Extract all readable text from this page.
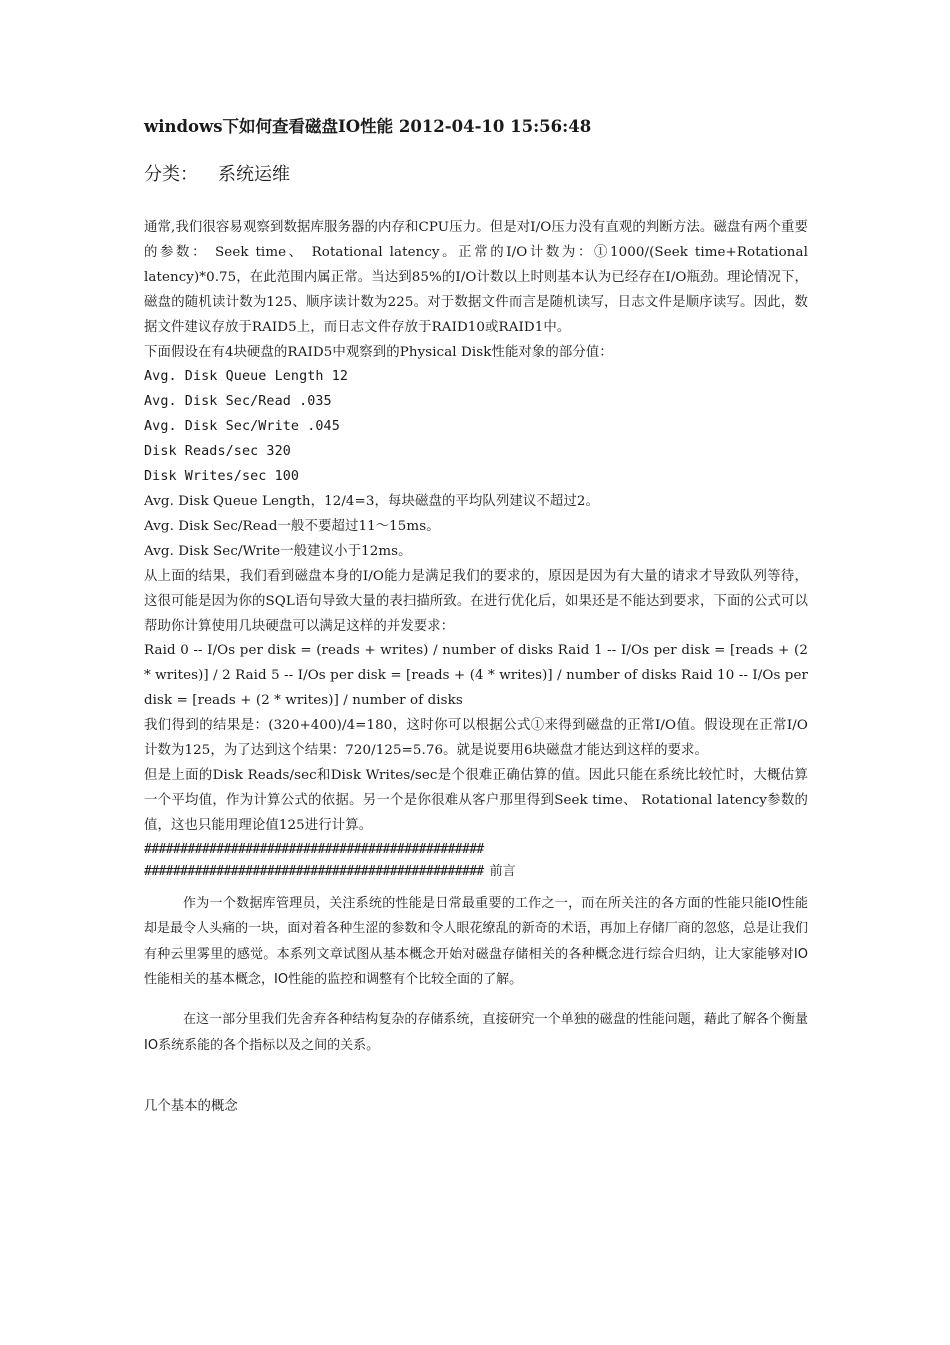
windows下如何查看磁盘IO性能 2012-04-10 15:56:48
分类： 系统运维

通常,我们很容易观察到数据库服务器的内存和CPU压力。但是对I/O压力没有直观的判断方法。磁盘有两个重要的参数： Seek time、 Rotational latency。正常的I/O计数为：①1000/(Seek time+Rotational latency)*0.75，在此范围内属正常。当达到85%的I/O计数以上时则基本认为已经存在I/O瓶劲。理论情况下，磁盘的随机读计数为125、顺序读计数为225。对于数据文件而言是随机读写，日志文件是顺序读写。因此，数据文件建议存放于RAID5上，而日志文件存放于RAID10或RAID1中。

下面假设在有4块硬盘的RAID5中观察到的Physical Disk性能对象的部分值：

Avg. Disk Queue Length 12

Avg. Disk Sec/Read .035

Avg. Disk Sec/Write .045

Disk Reads/sec 320

Disk Writes/sec 100

Avg. Disk Queue Length，12/4=3，每块磁盘的平均队列建议不超过2。

Avg. Disk Sec/Read一般不要超过11～15ms。

Avg. Disk Sec/Write一般建议小于12ms。

从上面的结果，我们看到磁盘本身的I/O能力是满足我们的要求的，原因是因为有大量的请求才导致队列等待，这很可能是因为你的SQL语句导致大量的表扫描所致。在进行优化后，如果还是不能达到要求，下面的公式可以帮助你计算使用几块硬盘可以满足这样的并发要求：

Raid 0 -- I/Os per disk = (reads + writes) / number of disks Raid 1 -- I/Os per disk = [reads + (2 * writes)] / 2 Raid 5 -- I/Os per disk = [reads + (4 * writes)] / number of disks Raid 10 -- I/Os per disk = [reads + (2 * writes)] / number of disks

我们得到的结果是：(320+400)/4=180，这时你可以根据公式①来得到磁盘的正常I/O值。假设现在正常I/O计数为125，为了达到这个结果：720/125=5.76。就是说要用6块磁盘才能达到这样的要求。

但是上面的Disk Reads/sec和Disk Writes/sec是个很难正确估算的值。因此只能在系统比较忙时，大概估算一个平均值，作为计算公式的依据。另一个是你很难从客户那里得到Seek time、 Rotational latency参数的值，这也只能用理论值125进行计算。

###############################################

############################################### 前言

作为一个数据库管理员，关注系统的性能是日常最重要的工作之一，而在所关注的各方面的性能只能IO性能却是最令人头痛的一块，面对着各种生涩的参数和令人眼花缭乱的新奇的术语，再加上存储厂商的忽悠，总是让我们有种云里雾里的感觉。本系列文章试图从基本概念开始对磁盘存储相关的各种概念进行综合归纳，让大家能够对IO性能相关的基本概念，IO性能的监控和调整有个比较全面的了解。

在这一部分里我们先舍弃各种结构复杂的存储系统，直接研究一个单独的磁盘的性能问题，藉此了解各个衡量IO系统系能的各个指标以及之间的关系。

几个基本的概念
